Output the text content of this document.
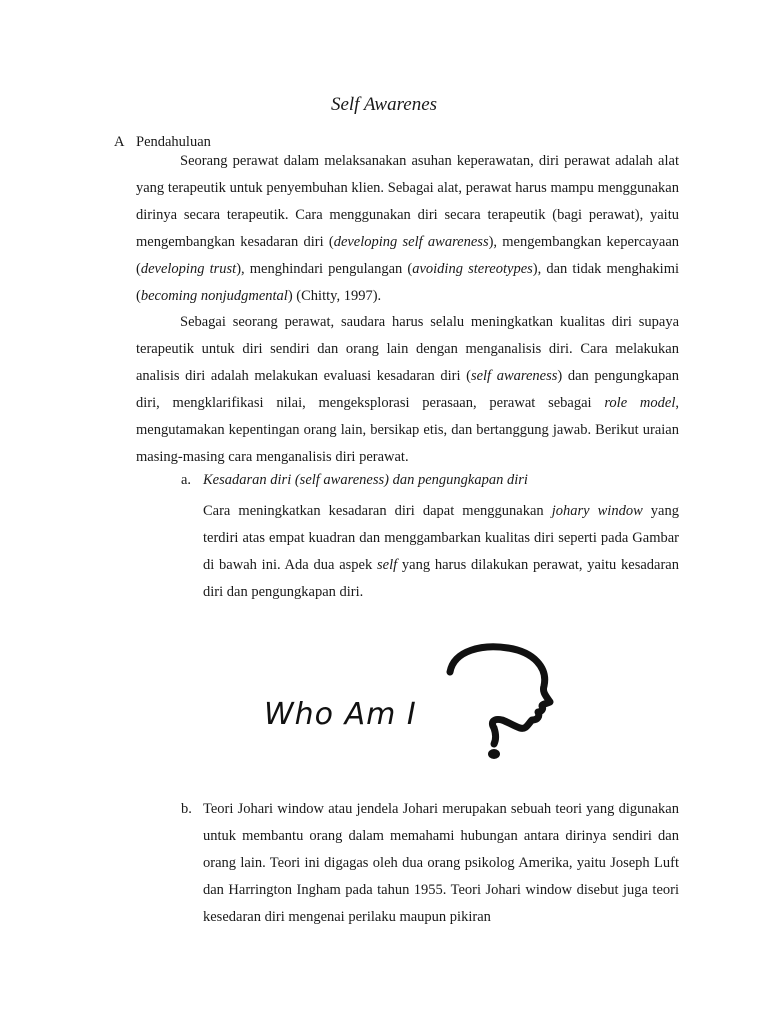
Self Awarenes
A Pendahuluan

Seorang perawat dalam melaksanakan asuhan keperawatan, diri perawat adalah alat yang terapeutik untuk penyembuhan klien. Sebagai alat, perawat harus mampu menggunakan dirinya secara terapeutik. Cara menggunakan diri secara terapeutik (bagi perawat), yaitu mengembangkan kesadaran diri (developing self awareness), mengembangkan kepercayaan (developing trust), menghindari pengulangan (avoiding stereotypes), dan tidak menghakimi (becoming nonjudgmental) (Chitty, 1997).

Sebagai seorang perawat, saudara harus selalu meningkatkan kualitas diri supaya terapeutik untuk diri sendiri dan orang lain dengan menganalisis diri. Cara melakukan analisis diri adalah melakukan evaluasi kesadaran diri (self awareness) dan pengungkapan diri, mengklarifikasi nilai, mengeksplorasi perasaan, perawat sebagai role model, mengutamakan kepentingan orang lain, bersikap etis, dan bertanggung jawab. Berikut uraian masing-masing cara menganalisis diri perawat.

a. Kesadaran diri (self awareness) dan pengungkapan diri

Cara meningkatkan kesadaran diri dapat menggunakan johary window yang terdiri atas empat kuadran dan menggambarkan kualitas diri seperti pada Gambar di bawah ini. Ada dua aspek self yang harus dilakukan perawat, yaitu kesadaran diri dan pengungkapan diri.

Who Am I
b. Teori Johari window atau jendela Johari merupakan sebuah teori yang digunakan untuk membantu orang dalam memahami hubungan antara dirinya sendiri dan orang lain. Teori ini digagas oleh dua orang psikolog Amerika, yaitu Joseph Luft dan Harrington Ingham pada tahun 1955. Teori Johari window disebut juga teori kesedaran diri mengenai perilaku maupun pikiran
